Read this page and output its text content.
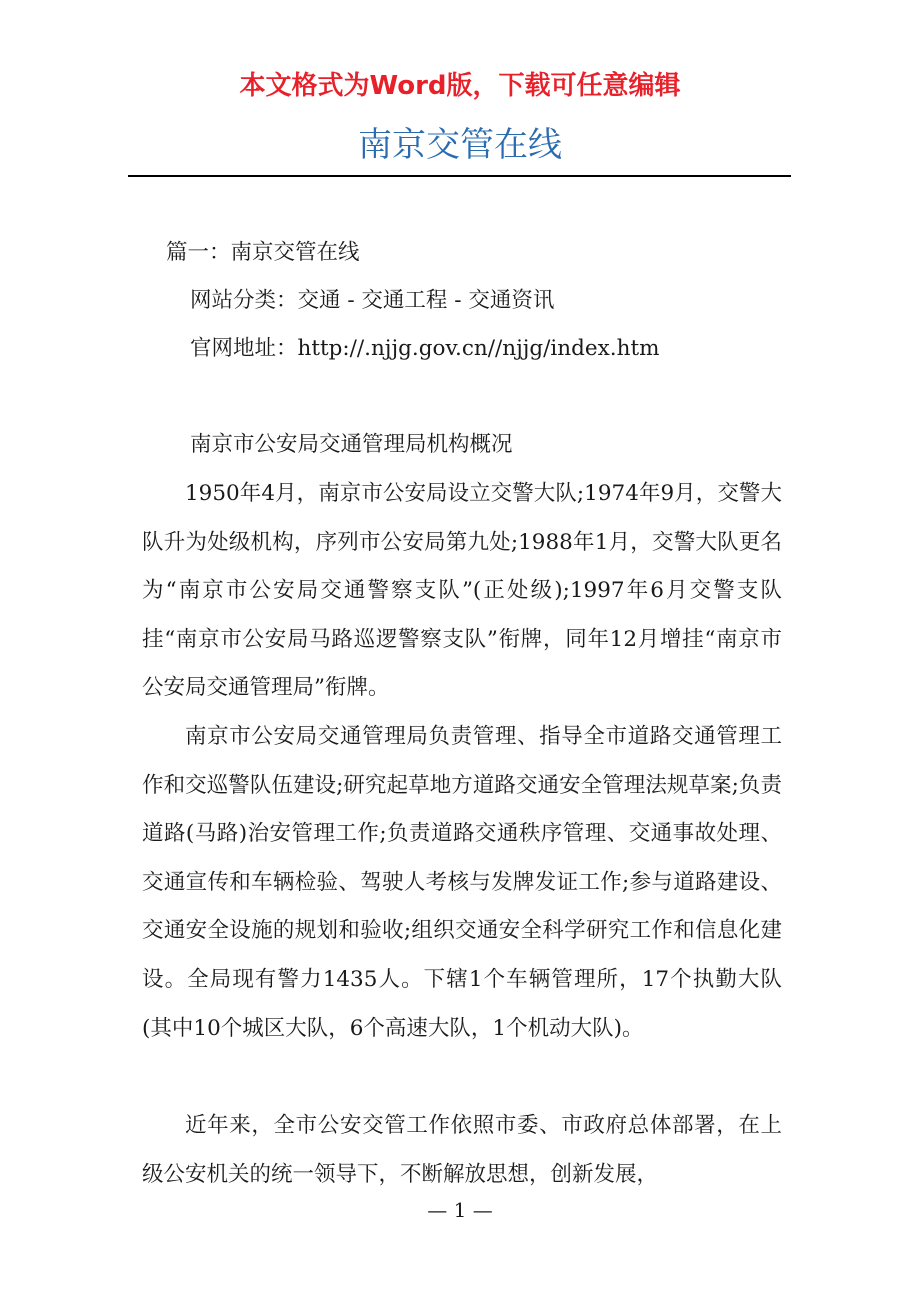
本文格式为Word版，下载可任意编辑
南京交管在线
篇一：南京交管在线
网站分类：交通 - 交通工程 - 交通资讯
官网地址：http://.njjg.gov.cn//njjg/index.htm
南京市公安局交通管理局机构概况

1950年4月，南京市公安局设立交警大队;1974年9月，交警大队升为处级机构，序列市公安局第九处;1988年1月，交警大队更名为“南京市公安局交通警察支队”(正处级);1997年6月交警支队挂“南京市公安局马路巡逻警察支队”衔牌，同年12月增挂“南京市公安局交通管理局”衔牌。

南京市公安局交通管理局负责管理、指导全市道路交通管理工作和交巡警队伍建设;研究起草地方道路交通安全管理法规草案;负责道路(马路)治安管理工作;负责道路交通秩序管理、交通事故处理、交通宣传和车辆检验、驾驶人考核与发牌发证工作;参与道路建设、交通安全设施的规划和验收;组织交通安全科学研究工作和信息化建设。全局现有警力1435人。下辖1个车辆管理所，17个执勤大队(其中10个城区大队，6个高速大队，1个机动大队)。

近年来，全市公安交管工作依照市委、市政府总体部署，在上级公安机关的统一领导下，不断解放思想，创新发展，

— 1 —
